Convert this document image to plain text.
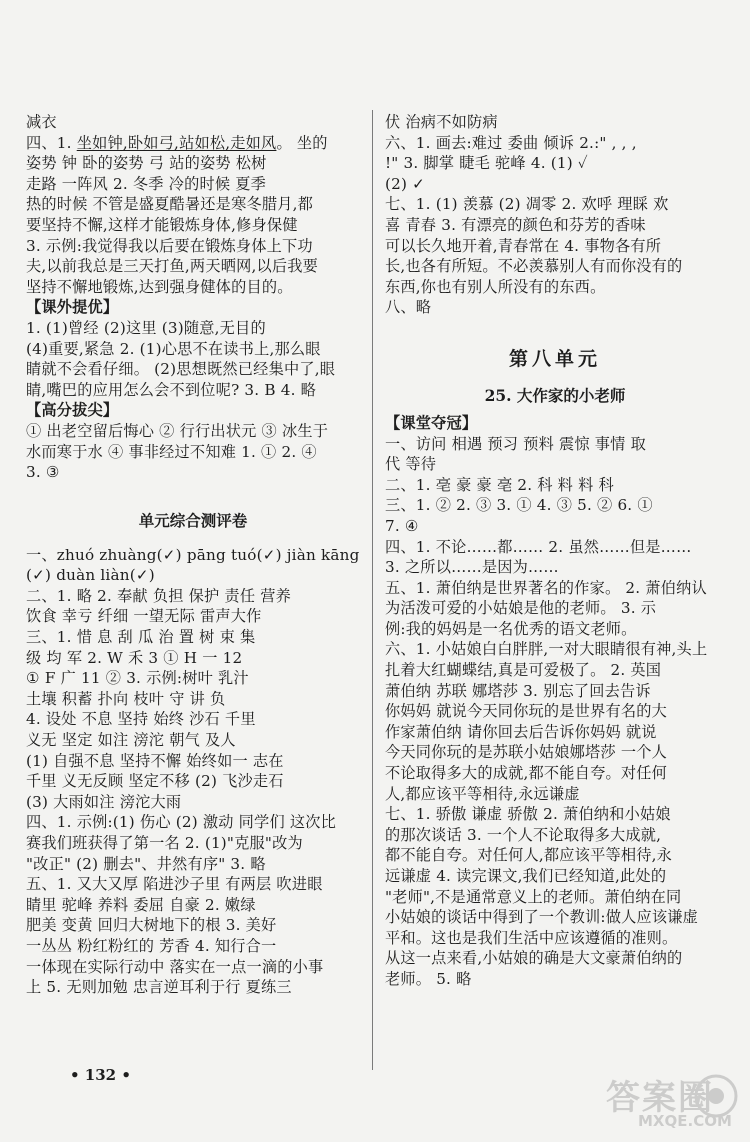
减衣
四、1. 坐如钟,卧如弓,站如松,走如风。 坐的
姿势 钟 卧的姿势 弓 站的姿势 松树
走路 一阵风 2. 冬季 冷的时候 夏季
热的时候 不管是盛夏酷暑还是寒冬腊月,都
要坚持不懈,这样才能锻炼身体,修身保健
3. 示例:我觉得我以后要在锻炼身体上下功
夫,以前我总是三天打鱼,两天晒网,以后我要
坚持不懈地锻炼,达到强身健体的目的。
【课外提优】
1. (1)曾经 (2)这里 (3)随意,无目的
(4)重要,紧急 2. (1)心思不在读书上,那么眼
睛就不会看仔细。 (2)思想既然已经集中了,眼
睛,嘴巴的应用怎么会不到位呢? 3. B 4. 略
【高分拔尖】
① 出老空留后悔心 ② 行行出状元 ③ 冰生于
水而寒于水 ④ 事非经过不知难 1. ① 2. ④
3. ③
单元综合测评卷
一、zhuó zhuàng(✓) pāng tuó(✓) jiàn kāng
(✓) duàn liàn(✓)
二、1. 略 2. 奉献 负担 保护 责任 营养
饮食 幸亏 纤细 一望无际 雷声大作
三、1. 惜 息 刮 瓜 治 置 树 束 集
级 均 军 2. W 禾 3 ① H 一 12
① F 广 11 ② 3. 示例:树叶 乳汁
土壤 积蓄 扑向 枝叶 守 讲 负
4. 设处 不息 坚持 始终 沙石 千里
义无 坚定 如注 滂沱 朝气 及人
(1) 自强不息 坚持不懈 始终如一 志在
千里 义无反顾 坚定不移 (2) 飞沙走石
(3) 大雨如注 滂沱大雨
四、1. 示例:(1) 伤心 (2) 激动 同学们 这次比
赛我们班获得了第一名 2. (1)"克服"改为
"改正" (2) 删去"、井然有序" 3. 略
五、1. 又大又厚 陷进沙子里 有两层 吹进眼
睛里 驼峰 养料 委屈 自豪 2. 嫩绿
肥美 变黄 回归大树地下的根 3. 美好
一丛丛 粉红粉红的 芳香 4. 知行合一
一体现在实际行动中 落实在一点一滴的小事
上 5. 无则加勉 忠言逆耳利于行 夏练三
伏 治病不如防病
六、1. 画去:难过 委曲 倾诉 2.:" , , ,
!" 3. 脚掌 睫毛 驼峰 4. (1) ✓
(2) ✓
七、1. (1) 羡慕 (2) 凋零 2. 欢呼 理睬 欢
喜 青春 3. 有漂亮的颜色和芬芳的香味
可以长久地开着,青春常在 4. 事物各有所
长,也各有所短。不必羡慕别人有而你没有的
东西,你也有别人所没有的东西。
八、略
第八单元
25. 大作家的小老师
【课堂夺冠】
一、访问 相遇 预习 预料 震惊 事情 取
代 等待
二、1. 亳 豪 豪 亳 2. 科 料 料 科
三、1. ② 2. ③ 3. ① 4. ③ 5. ② 6. ①
7. ④
四、1. 不论……都…… 2. 虽然……但是……
3. 之所以……是因为……
五、1. 萧伯纳是世界著名的作家。 2. 萧伯纳认
为活泼可爱的小姑娘是他的老师。 3. 示
例:我的妈妈是一名优秀的语文老师。
六、1. 小姑娘白白胖胖,一对大眼睛很有神,头上
扎着大红蝴蝶结,真是可爱极了。 2. 英国
萧伯纳 苏联 娜塔莎 3. 别忘了回去告诉
你妈妈 就说今天同你玩的是世界有名的大
作家萧伯纳 请你回去后告诉你妈妈 就说
今天同你玩的是苏联小姑娘娜塔莎 一个人
不论取得多大的成就,都不能自夸。对任何
人,都应该平等相待,永远谦虚
七、1. 骄傲 谦虚 骄傲 2. 萧伯纳和小姑娘
的那次谈话 3. 一个人不论取得多大成就,
都不能自夸。对任何人,都应该平等相待,永
远谦虚 4. 读完课文,我们已经知道,此处的
"老师",不是通常意义上的老师。萧伯纳在同
小姑娘的谈话中得到了一个教训:做人应该谦虚
平和。这也是我们生活中应该遵循的准则。
从这一点来看,小姑娘的确是大文豪萧伯纳的
老师。 5. 略
• 132 •
答案圈
MXQE.COM
